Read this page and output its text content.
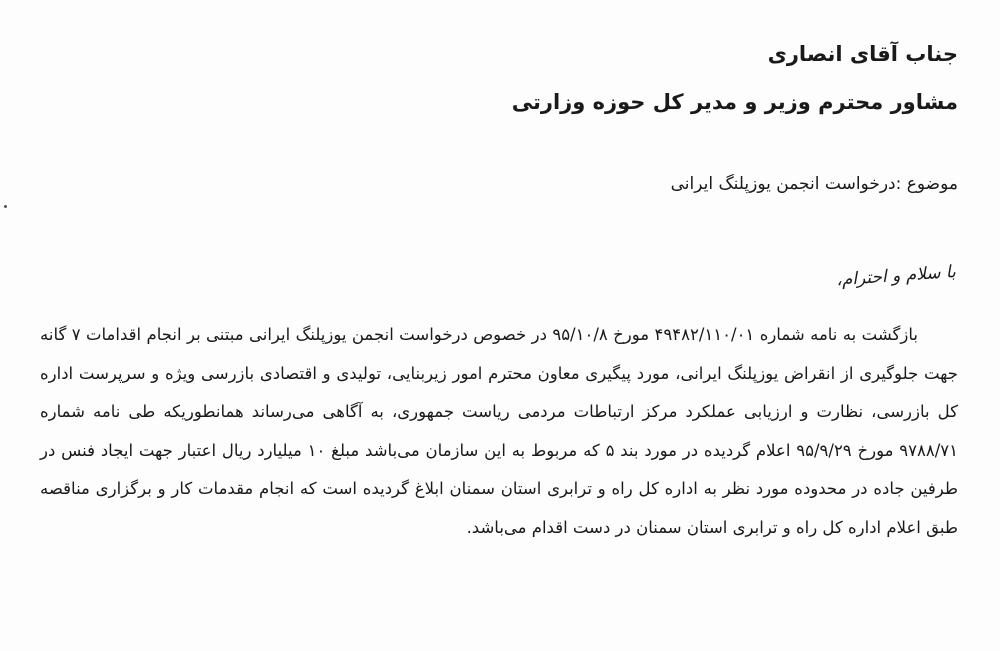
جناب آقای انصاری
مشاور محترم وزیر و مدیر کل حوزه وزارتی
موضوع :درخواست انجمن یوزپلنگ ایرانی
با سلام و احترام،

بازگشت به نامه شماره ۴۹۴۸۲/۱۱۰/۰۱ مورخ ۹۵/۱۰/۸ در خصوص درخواست انجمن یوزپلنگ ایرانی مبتنی بر انجام اقدامات ۷ گانه جهت جلوگیری از انقراض یوزپلنگ ایرانی، مورد پیگیری معاون محترم امور زیربنایی، تولیدی و اقتصادی بازرسی ویژه و سرپرست اداره کل بازرسی، نظارت و ارزیابی عملکرد مرکز ارتباطات مردمی ریاست جمهوری، به آگاهی می‌رساند همانطوریکه طی نامه شماره ۹۷۸۸/۷۱ مورخ ۹۵/۹/۲۹ اعلام گردیده در مورد بند ۵ که مربوط به این سازمان می‌باشد مبلغ ۱۰ میلیارد ریال اعتبار جهت ایجاد فنس در طرفین جاده در محدوده مورد نظر به اداره کل راه و ترابری استان سمنان ابلاغ گردیده است که انجام مقدمات کار و برگزاری مناقصه طبق اعلام اداره کل راه و ترابری استان سمنان در دست اقدام می‌باشد.
